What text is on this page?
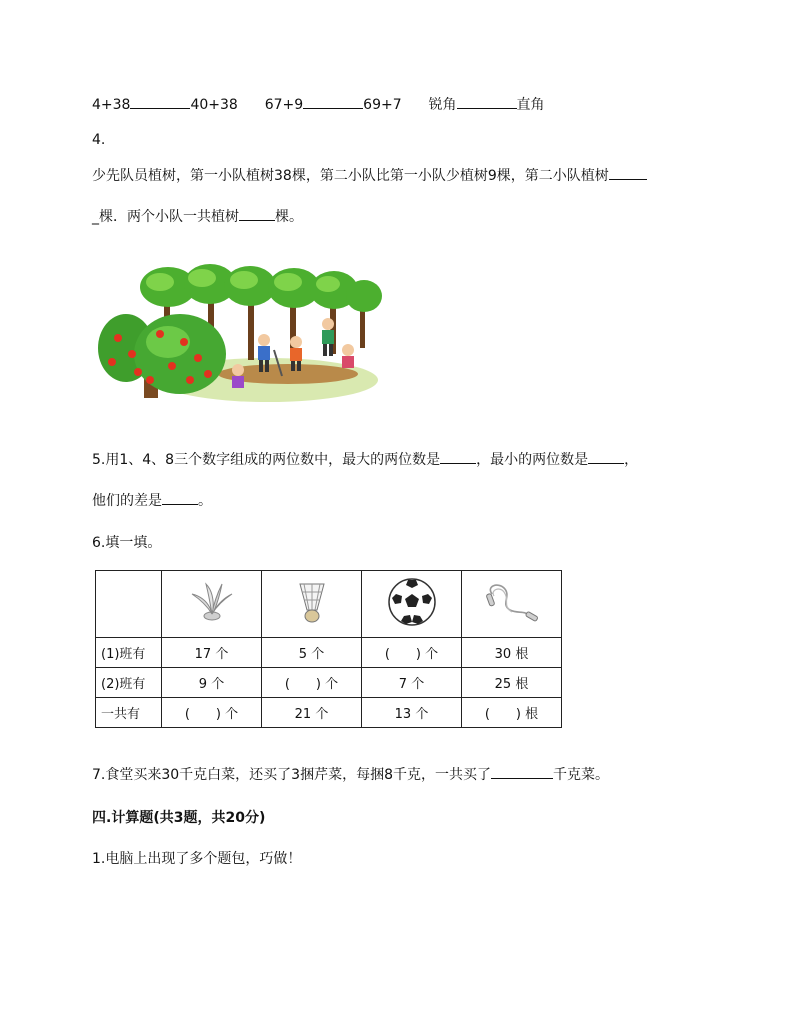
4+38	40+38 67+9	69+7 锐角	直角
4.
少先队员植树，第一小队植树38棵，第二小队比第一小队少植树9棵，第二小队植树
_棵．两个小队一共植树	棵。
5.用1、4、8三个数字组成的两位数中，最大的两位数是	，最小的两位数是	，
他们的差是	。
6.填一填。

(1)班有	17 个	5 个	(　　) 个	30 根
(2)班有	9 个	(　　) 个	7 个	25 根
一共有	(　　) 个	21 个	13 个	(　　) 根
7.食堂买来30千克白菜，还买了3捆芹菜，每捆8千克，一共买了	千克菜。
四.计算题(共3题，共20分)
1.电脑上出现了多个题包，巧做！
